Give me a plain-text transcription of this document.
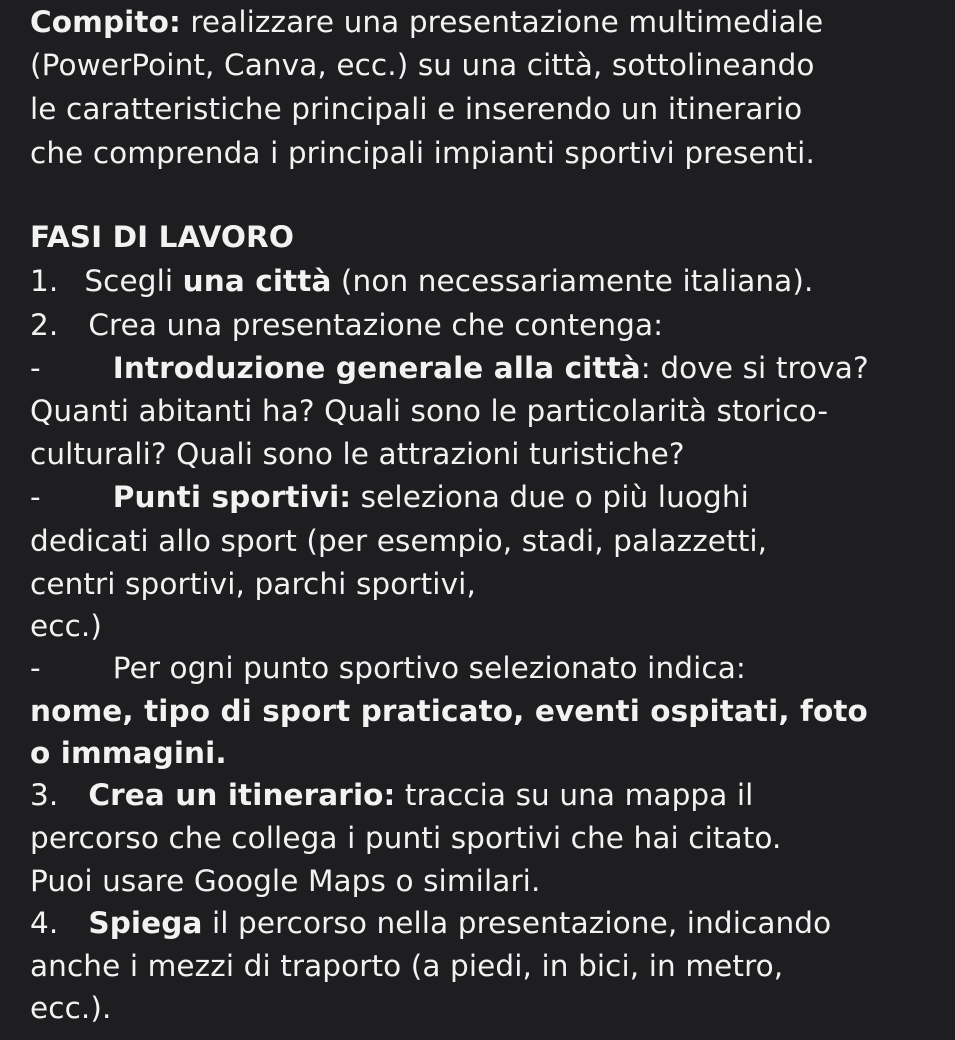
Compito: realizzare una presentazione multimediale
(PowerPoint, Canva, ecc.) su una città, sottolineando
le caratteristiche principali e inserendo un itinerario
che comprenda i principali impianti sportivi presenti.
FASI DI LAVORO
1. Scegli una città (non necessariamente italiana).
2. Crea una presentazione che contenga:
- Introduzione generale alla città: dove si trova?
Quanti abitanti ha? Quali sono le particolarità storico-
culturali? Quali sono le attrazioni turistiche?
- Punti sportivi: seleziona due o più luoghi
dedicati allo sport (per esempio, stadi, palazzetti,
centri sportivi, parchi sportivi,
ecc.)
- Per ogni punto sportivo selezionato indica:
nome, tipo di sport praticato, eventi ospitati, foto
o immagini.
3. Crea un itinerario: traccia su una mappa il
percorso che collega i punti sportivi che hai citato.
Puoi usare Google Maps o similari.
4. Spiega il percorso nella presentazione, indicando
anche i mezzi di traporto (a piedi, in bici, in metro,
ecc.).
